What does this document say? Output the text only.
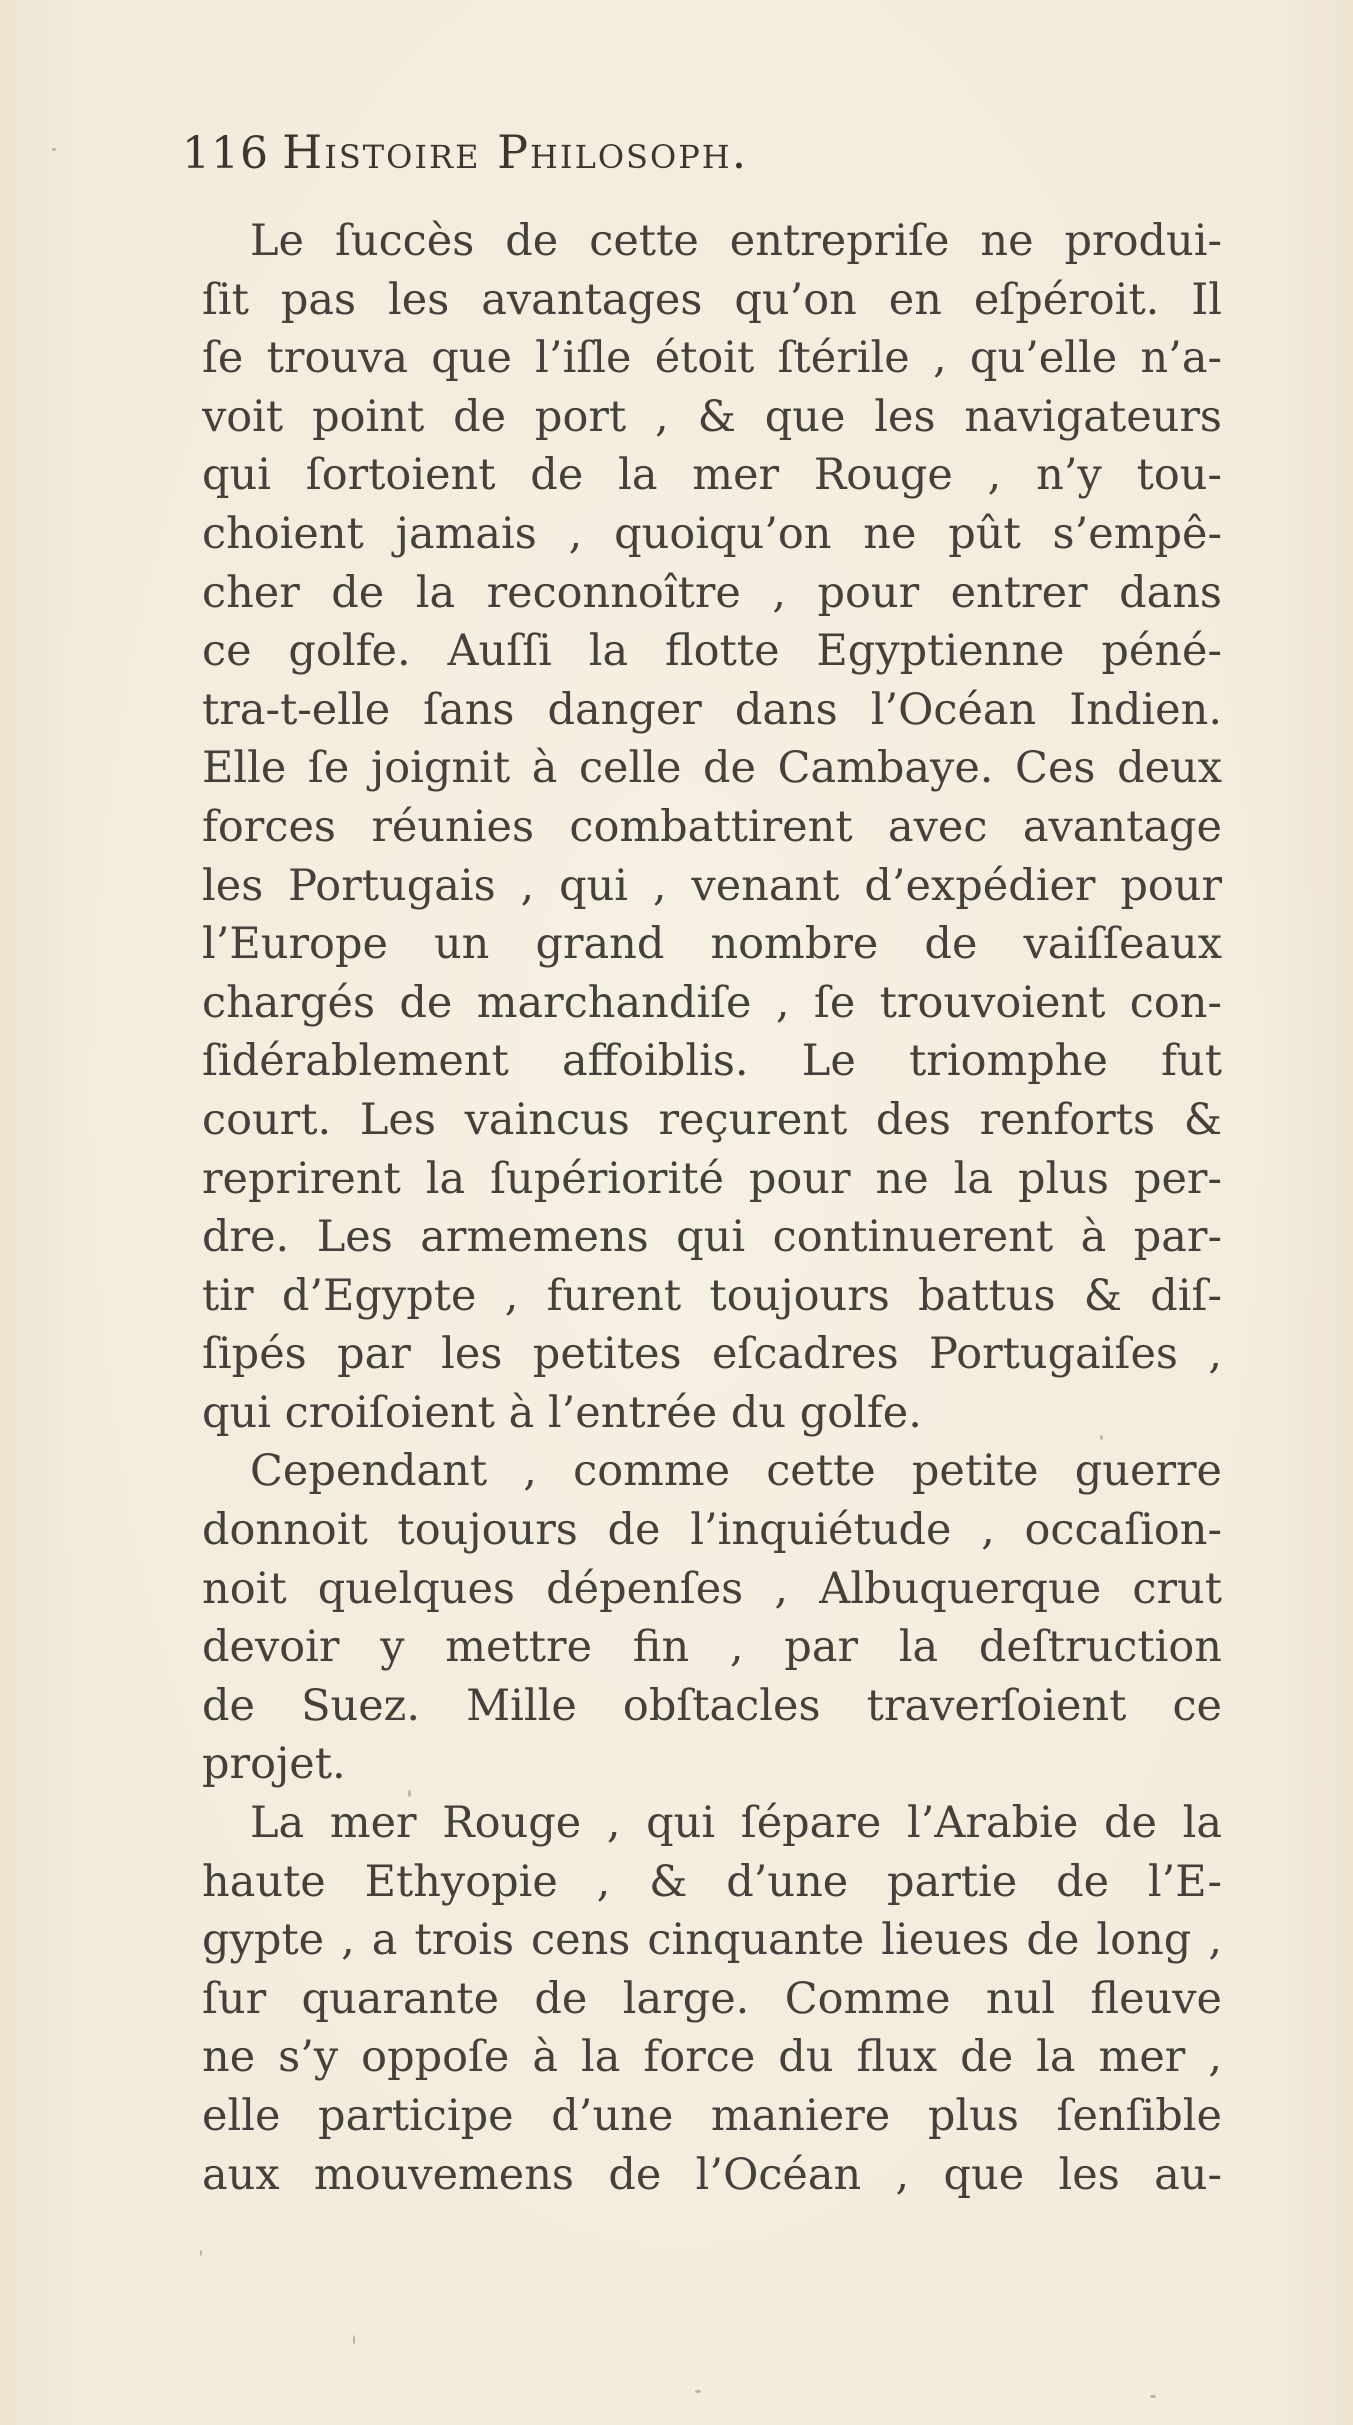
116 Histoire Philosoph.
Le ſuccès de cette entrepriſe ne produi-
ſit pas les avantages qu’on en eſpéroit. Il
ſe trouva que l’iſle étoit ſtérile , qu’elle n’a-
voit point de port , & que les navigateurs
qui ſortoient de la mer Rouge , n’y tou-
choient jamais , quoiqu’on ne pût s’empê-
cher de la reconnoître , pour entrer dans
ce golfe. Auſſi la flotte Egyptienne péné-
tra-t-elle ſans danger dans l’Océan Indien.
Elle ſe joignit à celle de Cambaye. Ces deux
forces réunies combattirent avec avantage
les Portugais , qui , venant d’expédier pour
l’Europe un grand nombre de vaiſſeaux
chargés de marchandiſe , ſe trouvoient con-
ſidérablement affoiblis. Le triomphe fut
court. Les vaincus reçurent des renforts &
reprirent la ſupériorité pour ne la plus per-
dre. Les armemens qui continuerent à par-
tir d’Egypte , furent toujours battus & diſ-
ſipés par les petites eſcadres Portugaiſes ,
qui croiſoient à l’entrée du golfe.
Cependant , comme cette petite guerre
donnoit toujours de l’inquiétude , occaſion-
noit quelques dépenſes , Albuquerque crut
devoir y mettre fin , par la deſtruction
de Suez. Mille obſtacles traverſoient ce
projet.
La mer Rouge , qui ſépare l’Arabie de la
haute Ethyopie , & d’une partie de l’E-
gypte , a trois cens cinquante lieues de long ,
ſur quarante de large. Comme nul fleuve
ne s’y oppoſe à la force du flux de la mer ,
elle participe d’une maniere plus ſenſible
aux mouvemens de l’Océan , que les au-
